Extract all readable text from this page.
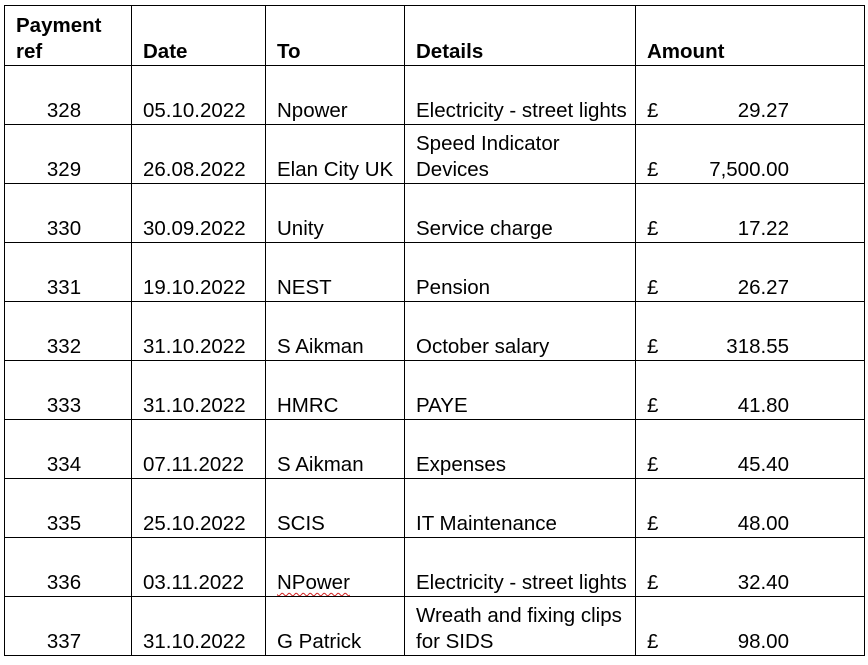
Payment ref	Date	To	Details	Amount
328	05.10.2022	Npower	Electricity - street lights	£ 29.27

329	26.08.2022	Elan City UK	Speed Indicator Devices	£ 7,500.00

330	30.09.2022	Unity	Service charge	£ 17.22

331	19.10.2022	NEST	Pension	£ 26.27

332	31.10.2022	S Aikman	October salary	£ 318.55

333	31.10.2022	HMRC	PAYE	£ 41.80

334	07.11.2022	S Aikman	Expenses	£ 45.40

335	25.10.2022	SCIS	IT Maintenance	£ 48.00

336	03.11.2022	NPower	Electricity - street lights	£ 32.40

337	31.10.2022	G Patrick	Wreath and fixing clips for SIDS	£ 98.00
